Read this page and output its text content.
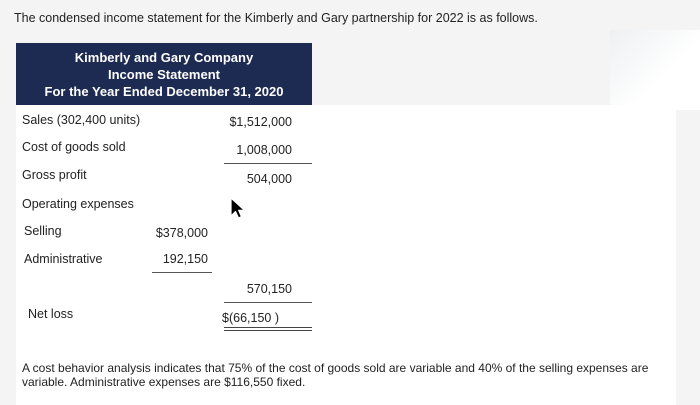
The condensed income statement for the Kimberly and Gary partnership for 2022 is as follows.
Sales (302,400 units)	$1,512,000
Cost of goods sold	1,008,000
Gross profit	504,000
Operating expenses
Selling	$378,000
Administrative	192,150
570,150
Net loss	$(66,150 )
Kimberly and Gary Company
Income Statement
For the Year Ended December 31, 2020
A cost behavior analysis indicates that 75% of the cost of goods sold are variable and 40% of the selling expenses are variable. Administrative expenses are $116,550 fixed.
